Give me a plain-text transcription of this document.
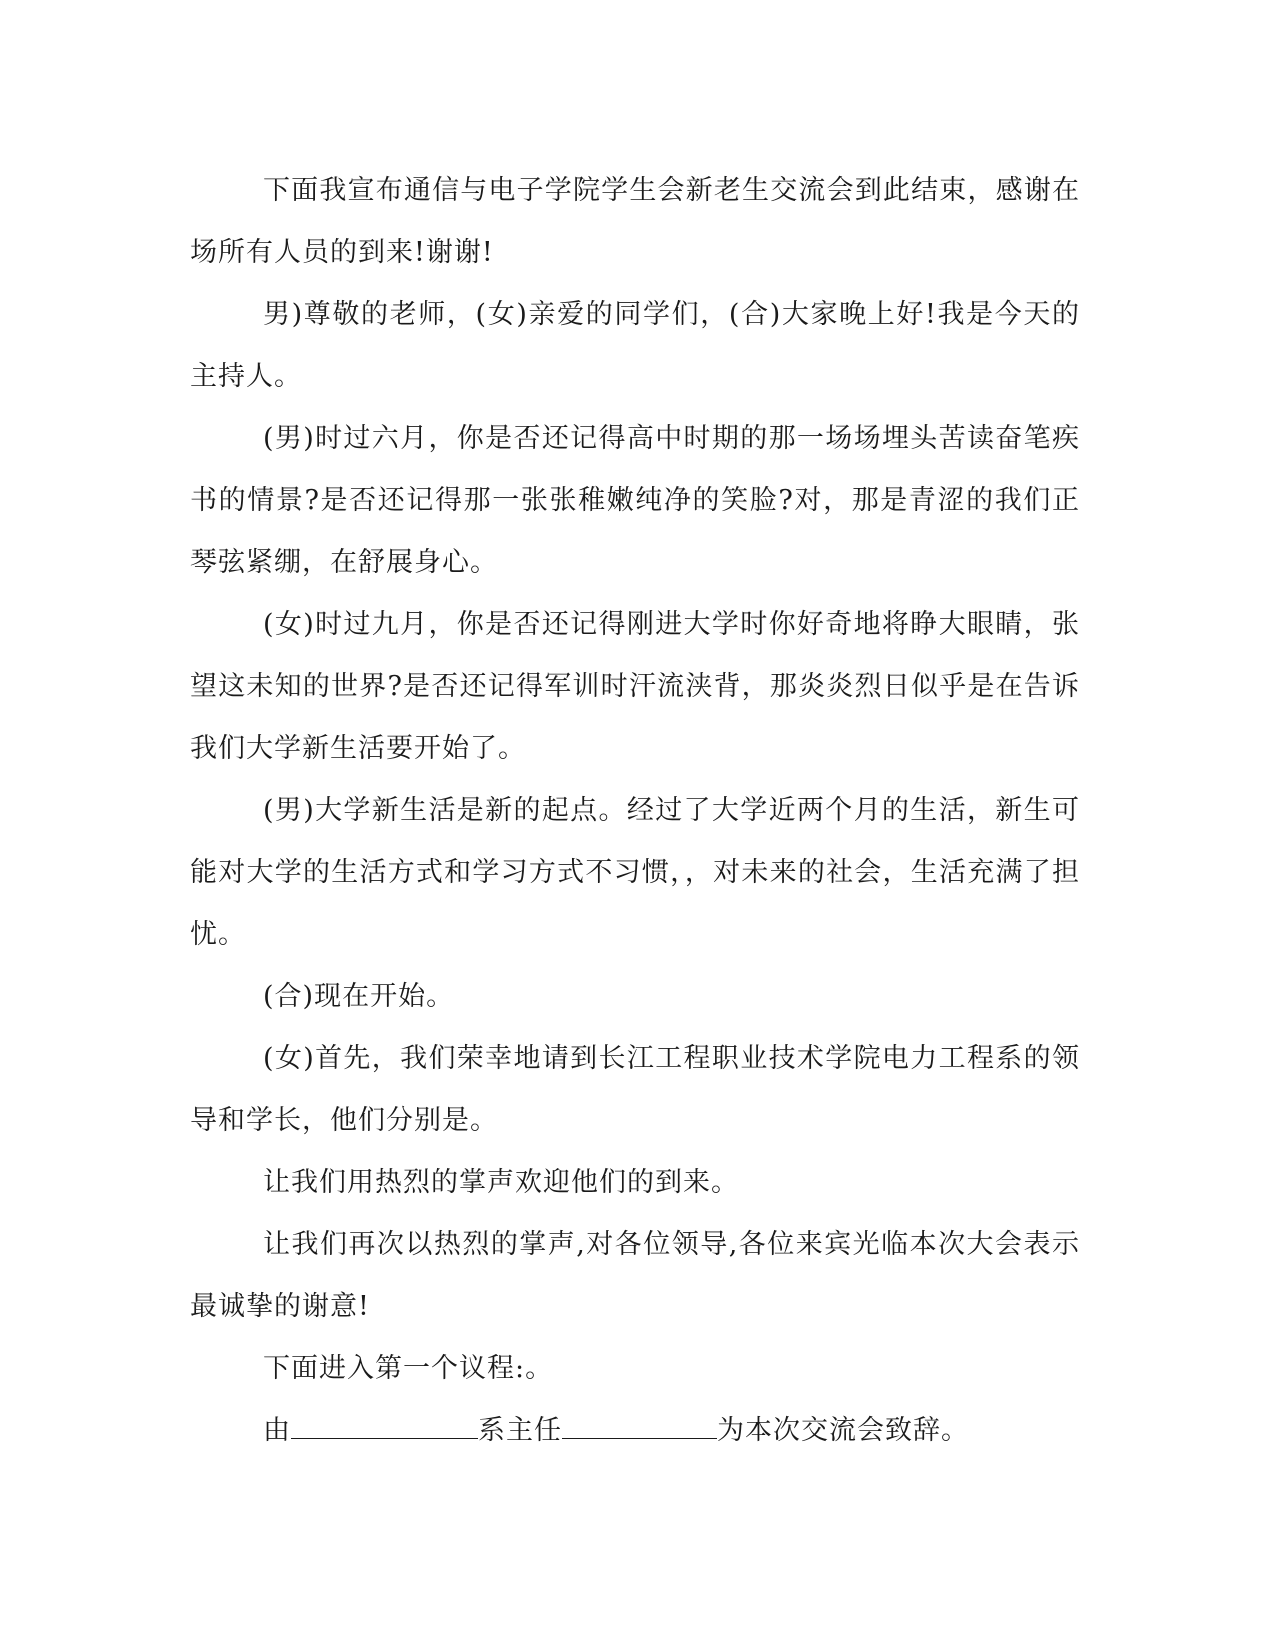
下面我宣布通信与电子学院学生会新老生交流会到此结束，感谢在场所有人员的到来!谢谢!

男)尊敬的老师，(女)亲爱的同学们，(合)大家晚上好!我是今天的主持人。

(男)时过六月，你是否还记得高中时期的那一场场埋头苦读奋笔疾书的情景?是否还记得那一张张稚嫩纯净的笑脸?对，那是青涩的我们正琴弦紧绷，在舒展身心。

(女)时过九月，你是否还记得刚进大学时你好奇地将睁大眼睛，张望这未知的世界?是否还记得军训时汗流浃背，那炎炎烈日似乎是在告诉我们大学新生活要开始了。

(男)大学新生活是新的起点。经过了大学近两个月的生活，新生可能对大学的生活方式和学习方式不习惯，，对未来的社会，生活充满了担忧。

(合)现在开始。

(女)首先，我们荣幸地请到长江工程职业技术学院电力工程系的领导和学长，他们分别是。

让我们用热烈的掌声欢迎他们的到来。

让我们再次以热烈的掌声,对各位领导,各位来宾光临本次大会表示最诚挚的谢意!

下面进入第一个议程:。

由	系主任	为本次交流会致辞。
